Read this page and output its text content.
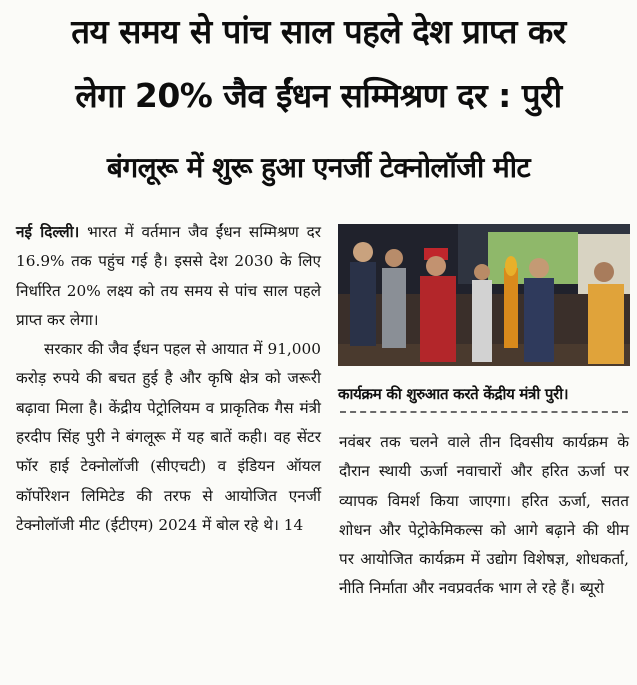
तय समय से पांच साल पहले देश प्राप्त कर
लेगा 20% जैव ईंधन सम्मिश्रण दर : पुरी
बंगलूरू में शुरू हुआ एनर्जी टेक्नोलॉजी मीट

नई दिल्ली। भारत में वर्तमान जैव ईंधन सम्मिश्रण दर 16.9% तक पहुंच गई है। इससे देश 2030 के लिए निर्धारित 20% लक्ष्य को तय समय से पांच साल पहले प्राप्त कर लेगा।

सरकार की जैव ईंधन पहल से आयात में 91,000 करोड़ रुपये की बचत हुई है और कृषि क्षेत्र को जरूरी बढ़ावा मिला है। केंद्रीय पेट्रोलियम व प्राकृतिक गैस मंत्री हरदीप सिंह पुरी ने बंगलूरू में यह बातें कही। वह सेंटर फॉर हाई टेक्नोलॉजी (सीएचटी) व इंडियन ऑयल कॉर्पोरेशन लिमिटेड की तरफ से आयोजित एनर्जी टेक्नोलॉजी मीट (ईटीएम) 2024 में बोल रहे थे। 14

कार्यक्रम की शुरुआत करते केंद्रीय मंत्री पुरी।

नवंबर तक चलने वाले तीन दिवसीय कार्यक्रम के दौरान स्थायी ऊर्जा नवाचारों और हरित ऊर्जा पर व्यापक विमर्श किया जाएगा। हरित ऊर्जा, सतत शोधन और पेट्रोकेमिकल्स को आगे बढ़ाने की थीम पर आयोजित कार्यक्रम में उद्योग विशेषज्ञ, शोधकर्ता, नीति निर्माता और नवप्रवर्तक भाग ले रहे हैं। ब्यूरो
